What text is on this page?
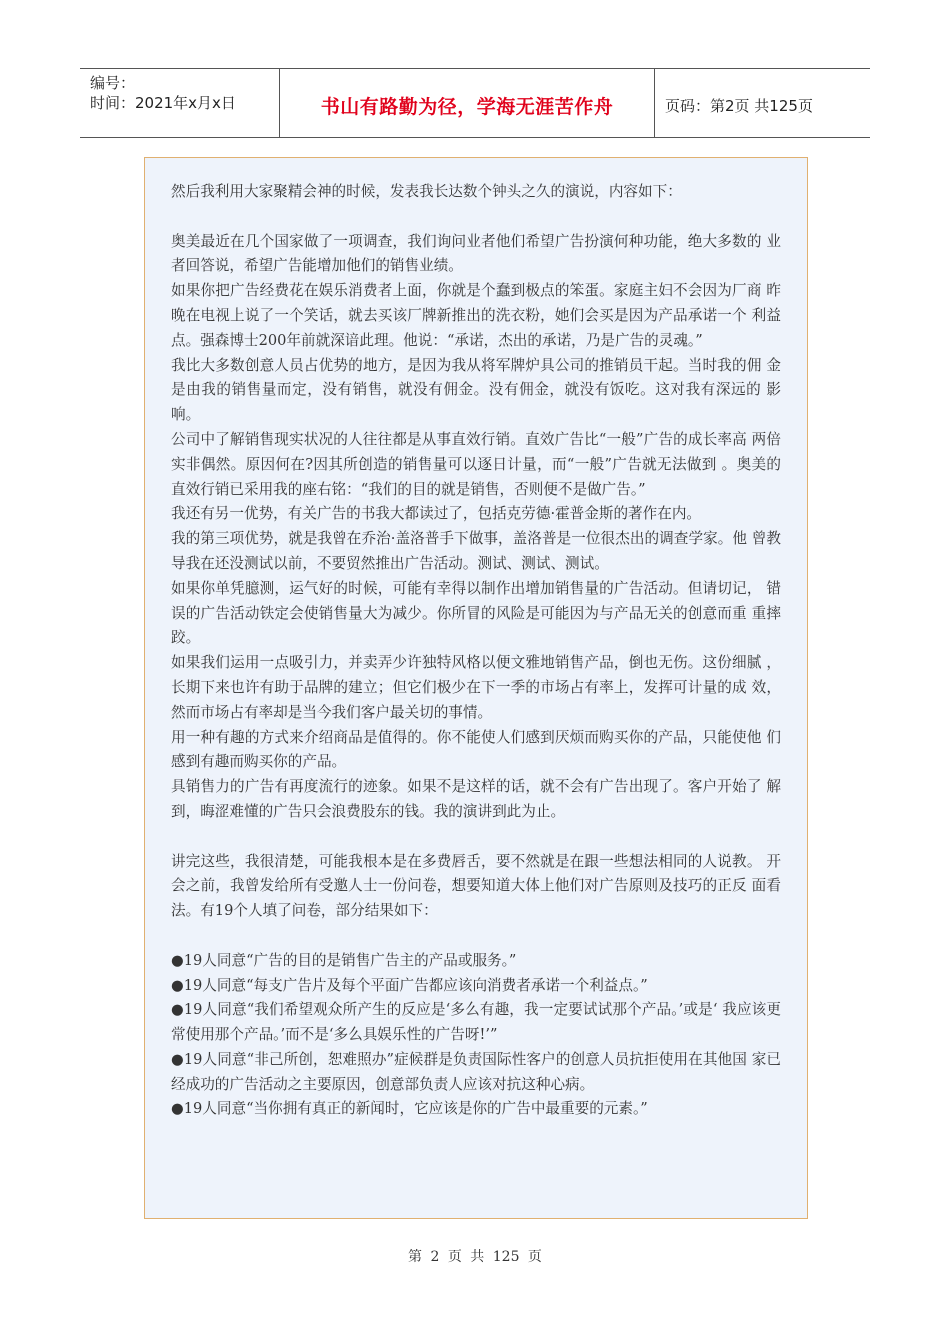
编号：
时间：2021年x月x日	书山有路勤为径，学海无涯苦作舟	页码：第2页 共125页

然后我利用大家聚精会神的时候，发表我长达数个钟头之久的演说，内容如下：

奥美最近在几个国家做了一项调查，我们询问业者他们希望广告扮演何种功能，绝大多数的 业者回答说，希望广告能增加他们的销售业绩。

如果你把广告经费花在娱乐消费者上面，你就是个蠢到极点的笨蛋。家庭主妇不会因为厂商 昨晚在电视上说了一个笑话，就去买该厂牌新推出的洗衣粉，她们会买是因为产品承诺一个 利益点。强森博士200年前就深谙此理。他说：“承诺，杰出的承诺，乃是广告的灵魂。”

我比大多数创意人员占优势的地方，是因为我从将军牌炉具公司的推销员干起。当时我的佣 金是由我的销售量而定，没有销售，就没有佣金。没有佣金，就没有饭吃。这对我有深远的 影响。

公司中了解销售现实状况的人往往都是从事直效行销。直效广告比“一般”广告的成长率高 两倍实非偶然。原因何在?因其所创造的销售量可以逐日计量，而“一般”广告就无法做到 。奥美的直效行销已采用我的座右铭：“我们的目的就是销售，否则便不是做广告。”

我还有另一优势，有关广告的书我大都读过了，包括克劳德·霍普金斯的著作在内。

我的第三项优势，就是我曾在乔治·盖洛普手下做事，盖洛普是一位很杰出的调查学家。他 曾教导我在还没测试以前，不要贸然推出广告活动。测试、测试、测试。

如果你单凭臆测，运气好的时候，可能有幸得以制作出增加销售量的广告活动。但请切记， 错误的广告活动铁定会使销售量大为减少。你所冒的风险是可能因为与产品无关的创意而重 重摔跤。

如果我们运用一点吸引力，并卖弄少许独特风格以便文雅地销售产品，倒也无伤。这份细腻 ，长期下来也许有助于品牌的建立；但它们极少在下一季的市场占有率上，发挥可计量的成 效，然而市场占有率却是当今我们客户最关切的事情。

用一种有趣的方式来介绍商品是值得的。你不能使人们感到厌烦而购买你的产品，只能使他 们感到有趣而购买你的产品。

具销售力的广告有再度流行的迹象。如果不是这样的话，就不会有广告出现了。客户开始了 解到，晦涩难懂的广告只会浪费股东的钱。我的演讲到此为止。

讲完这些，我很清楚，可能我根本是在多费唇舌，要不然就是在跟一些想法相同的人说教。 开会之前，我曾发给所有受邀人士一份问卷，想要知道大体上他们对广告原则及技巧的正反 面看法。有19个人填了问卷，部分结果如下：

●19人同意“广告的目的是销售广告主的产品或服务。”

●19人同意“每支广告片及每个平面广告都应该向消费者承诺一个利益点。”

●19人同意“我们希望观众所产生的反应是‘多么有趣，我一定要试试那个产品。’或是‘ 我应该更常使用那个产品。’而不是‘多么具娱乐性的广告呀!’”

●19人同意“非己所创，恕难照办”症候群是负责国际性客户的创意人员抗拒使用在其他国 家已经成功的广告活动之主要原因，创意部负责人应该对抗这种心病。

●19人同意“当你拥有真正的新闻时，它应该是你的广告中最重要的元素。”

第 2 页 共 125 页
